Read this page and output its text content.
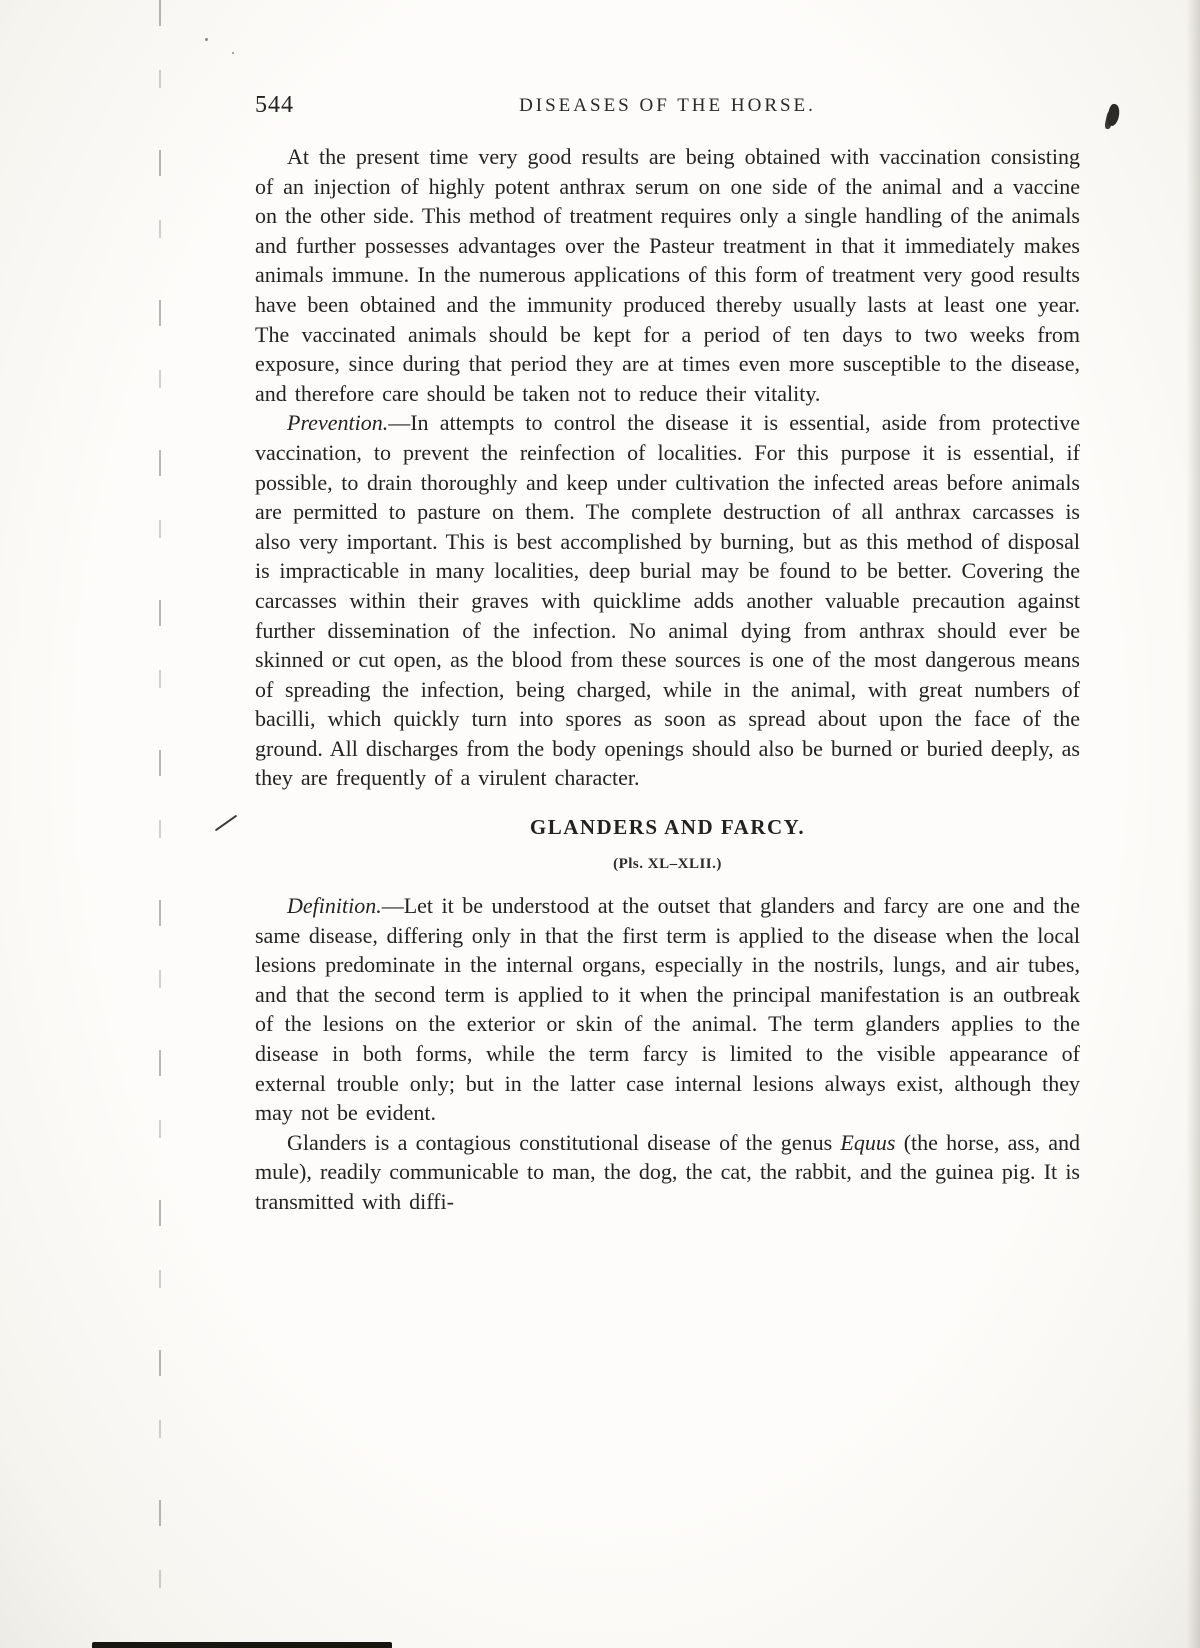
544	DISEASES OF THE HORSE.

At the present time very good results are being obtained with vaccination consisting of an injection of highly potent anthrax serum on one side of the animal and a vaccine on the other side. This method of treatment requires only a single handling of the animals and further possesses advantages over the Pasteur treatment in that it immediately makes animals immune. In the numerous applications of this form of treatment very good results have been obtained and the immunity produced thereby usually lasts at least one year. The vaccinated animals should be kept for a period of ten days to two weeks from exposure, since during that period they are at times even more susceptible to the disease, and therefore care should be taken not to reduce their vitality.

Prevention.—In attempts to control the disease it is essential, aside from protective vaccination, to prevent the reinfection of localities. For this purpose it is essential, if possible, to drain thoroughly and keep under cultivation the infected areas before animals are permitted to pasture on them. The complete destruction of all anthrax carcasses is also very important. This is best accomplished by burning, but as this method of disposal is impracticable in many localities, deep burial may be found to be better. Covering the carcasses within their graves with quicklime adds another valuable precaution against further dissemination of the infection. No animal dying from anthrax should ever be skinned or cut open, as the blood from these sources is one of the most dangerous means of spreading the infection, being charged, while in the animal, with great numbers of bacilli, which quickly turn into spores as soon as spread about upon the face of the ground. All discharges from the body openings should also be burned or buried deeply, as they are frequently of a virulent character.

GLANDERS AND FARCY.
(Pls. XL–XLII.)

Definition.—Let it be understood at the outset that glanders and farcy are one and the same disease, differing only in that the first term is applied to the disease when the local lesions predominate in the internal organs, especially in the nostrils, lungs, and air tubes, and that the second term is applied to it when the principal manifestation is an outbreak of the lesions on the exterior or skin of the animal. The term glanders applies to the disease in both forms, while the term farcy is limited to the visible appearance of external trouble only; but in the latter case internal lesions always exist, although they may not be evident.

Glanders is a contagious constitutional disease of the genus Equus (the horse, ass, and mule), readily communicable to man, the dog, the cat, the rabbit, and the guinea pig. It is transmitted with diffi-
